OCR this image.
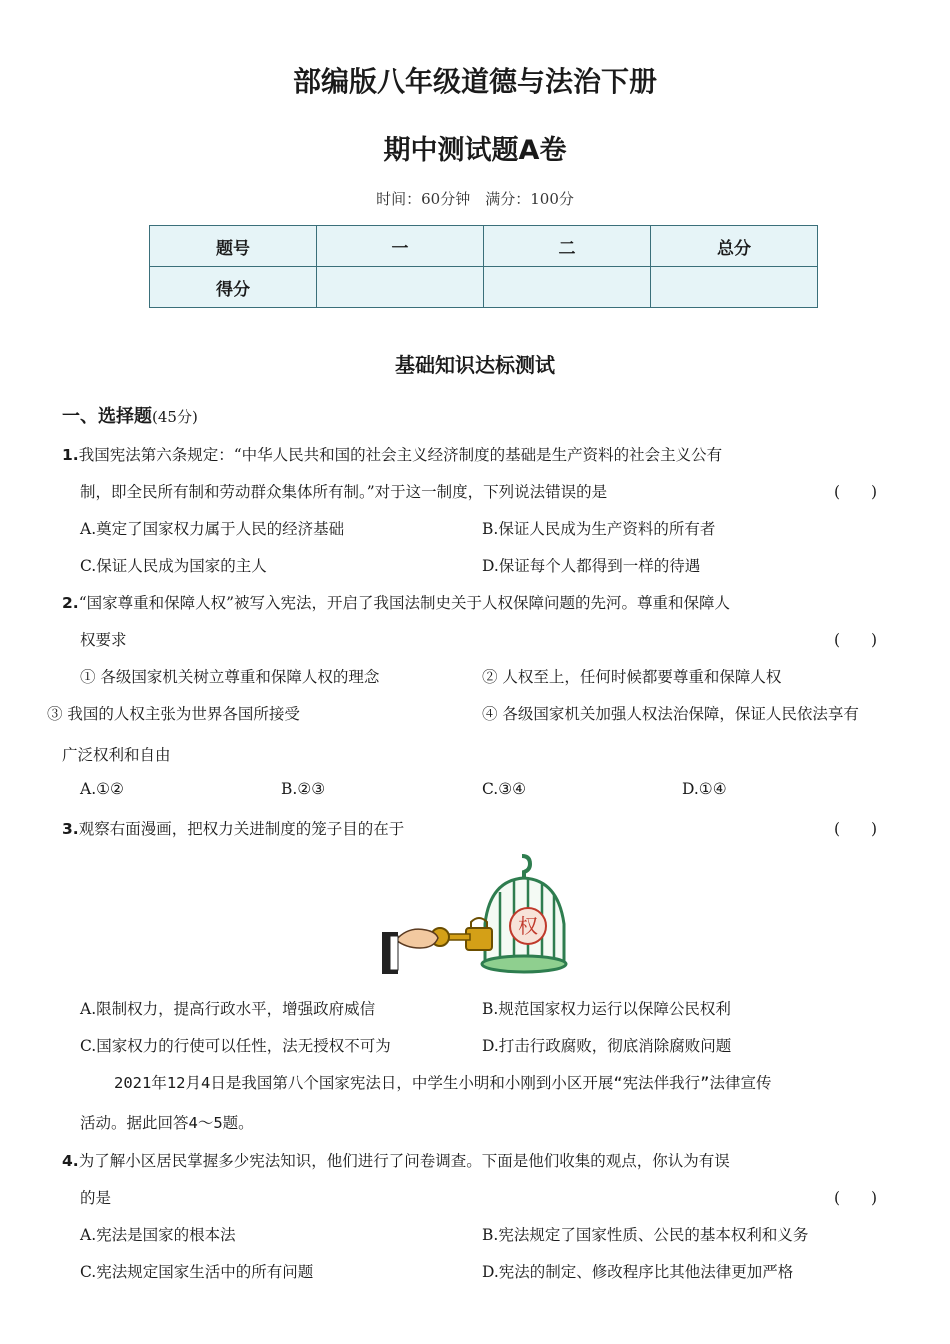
部编版八年级道德与法治下册
期中测试题A卷
时间：60分钟　满分：100分
题号	一	二	总分
得分			
基础知识达标测试
一、选择题(45分)
1.我国宪法第六条规定：“中华人民共和国的社会主义经济制度的基础是生产资料的社会主义公有
制，即全民所有制和劳动群众集体所有制。”对于这一制度，下列说法错误的是	(　　)
A.奠定了国家权力属于人民的经济基础	B.保证人民成为生产资料的所有者
C.保证人民成为国家的主人	D.保证每个人都得到一样的待遇
2.“国家尊重和保障人权”被写入宪法，开启了我国法制史关于人权保障问题的先河。尊重和保障人
权要求	(　　)
① 各级国家机关树立尊重和保障人权的理念	② 人权至上，任何时候都要尊重和保障人权
③ 我国的人权主张为世界各国所接受	④ 各级国家机关加强人权法治保障，保证人民依法享有
广泛权利和自由
A.①②	B.②③	C.③④	D.①④
3.观察右面漫画，把权力关进制度的笼子目的在于	(　　)
权
A.限制权力，提高行政水平，增强政府威信	B.规范国家权力运行以保障公民权利
C.国家权力的行使可以任性，法无授权不可为	D.打击行政腐败，彻底消除腐败问题
2021年12月4日是我国第八个国家宪法日，中学生小明和小刚到小区开展“宪法伴我行”法律宣传
活动。据此回答4～5题。
4.为了解小区居民掌握多少宪法知识，他们进行了问卷调查。下面是他们收集的观点，你认为有误
的是	(　　)
A.宪法是国家的根本法	B.宪法规定了国家性质、公民的基本权利和义务
C.宪法规定国家生活中的所有问题	D.宪法的制定、修改程序比其他法律更加严格
